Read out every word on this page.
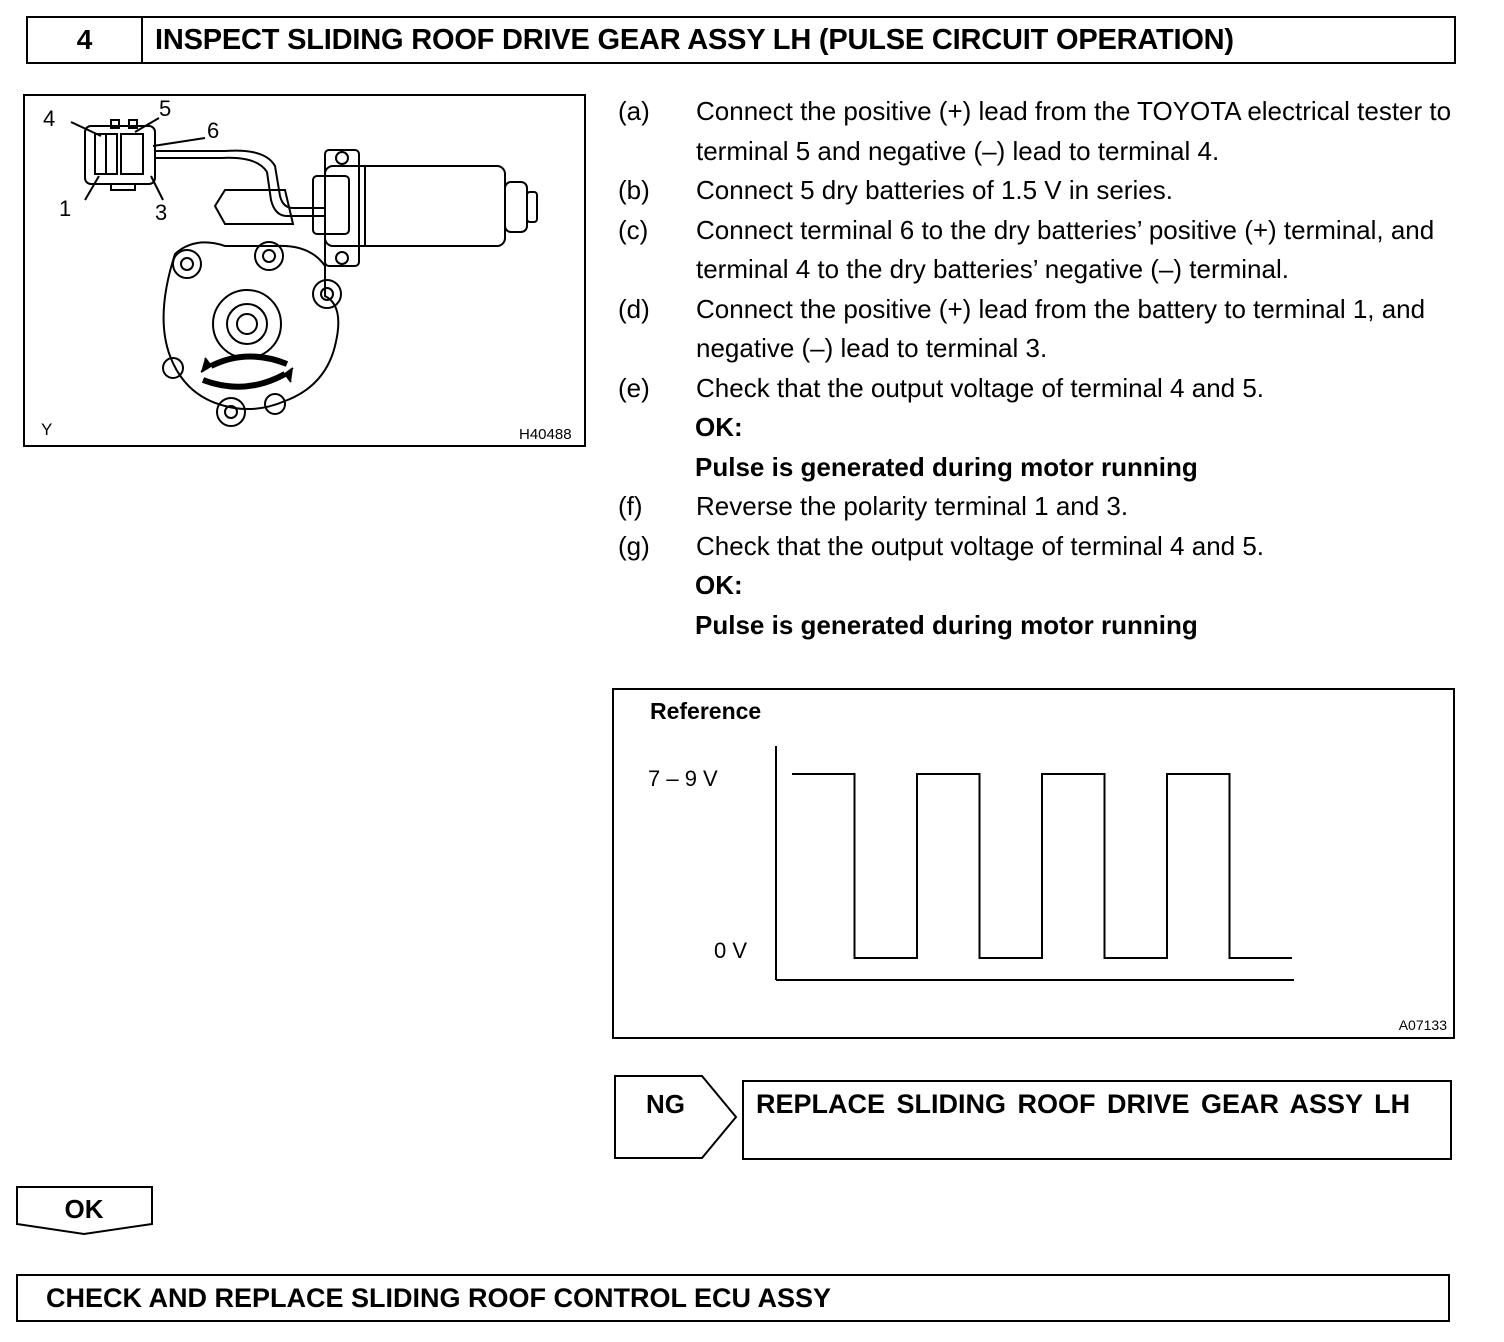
4	INSPECT SLIDING ROOF DRIVE GEAR ASSY LH (PULSE CIRCUIT OPERATION)
4	5
6
1	3
Y	H40488
(a) Connect the positive (+) lead from the TOYOTA electrical tester to terminal 5 and negative (–) lead to terminal 4.
(b) Connect 5 dry batteries of 1.5 V in series.
(c) Connect terminal 6 to the dry batteries’ positive (+) terminal, and terminal 4 to the dry batteries’ negative (–) terminal.
(d) Connect the positive (+) lead from the battery to terminal 1, and negative (–) lead to terminal 3.
(e) Check that the output voltage of terminal 4 and 5.
OK:
Pulse is generated during motor running
(f) Reverse the polarity terminal 1 and 3.
(g) Check that the output voltage of terminal 4 and 5.
OK:
Pulse is generated during motor running
Reference
7 – 9 V
0 V
A07133
NG	REPLACE SLIDING ROOF DRIVE GEAR ASSY LH
OK
CHECK AND REPLACE SLIDING ROOF CONTROL ECU ASSY
